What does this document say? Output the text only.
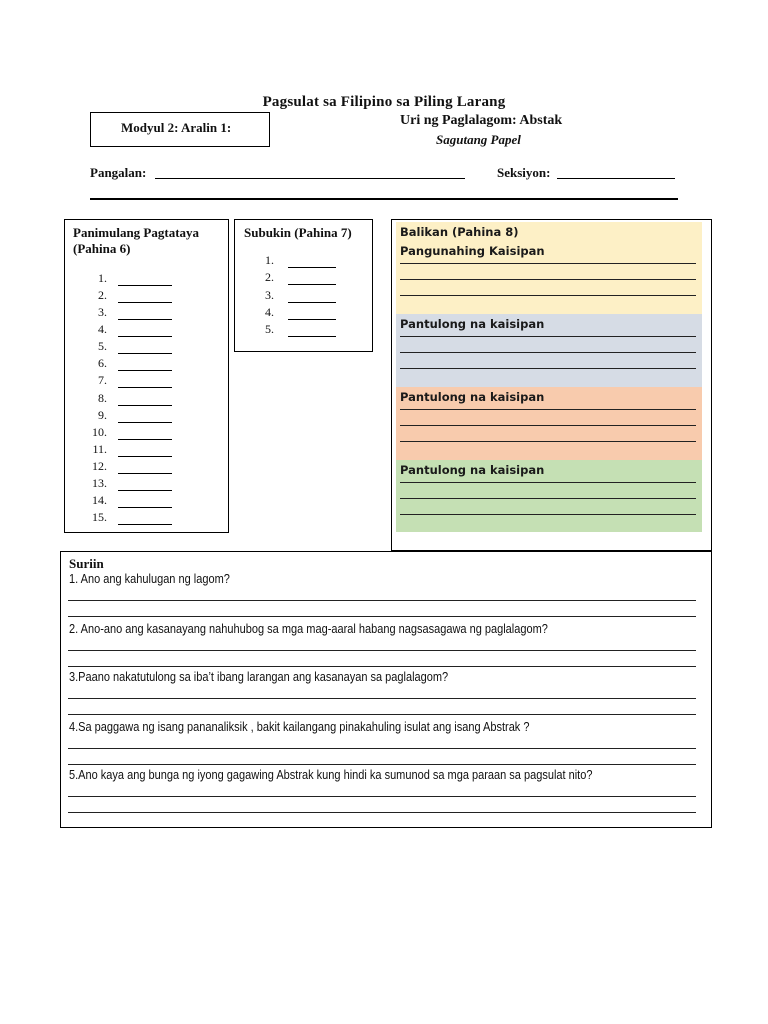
Pagsulat sa Filipino sa Piling Larang
Modyul 2: Aralin 1:	Uri ng Paglalagom: Abstak
Sagutang Papel
Pangalan:	Seksiyon:
Panimulang Pagtataya
(Pahina 6)
1.
2.
3.
4.
5.
6.
7.
8.
9.
10.
11.
12.
13.
14.
15.
Subukin (Pahina 7)
1.
2.
3.
4.
5.
Balikan (Pahina 8)
Pangunahing Kaisipan
Pantulong na kaisipan
Pantulong na kaisipan
Pantulong na kaisipan
Suriin
1. Ano ang kahulugan ng lagom?
2. Ano-ano ang kasanayang nahuhubog sa mga mag-aaral habang nagsasagawa ng paglalagom?
3.Paano nakatutulong sa iba’t ibang larangan ang kasanayan sa paglalagom?
4.Sa paggawa ng isang pananaliksik , bakit kailangang pinakahuling isulat ang isang Abstrak ?
5.Ano kaya ang bunga ng iyong gagawing Abstrak kung hindi ka sumunod sa mga paraan sa pagsulat nito?
